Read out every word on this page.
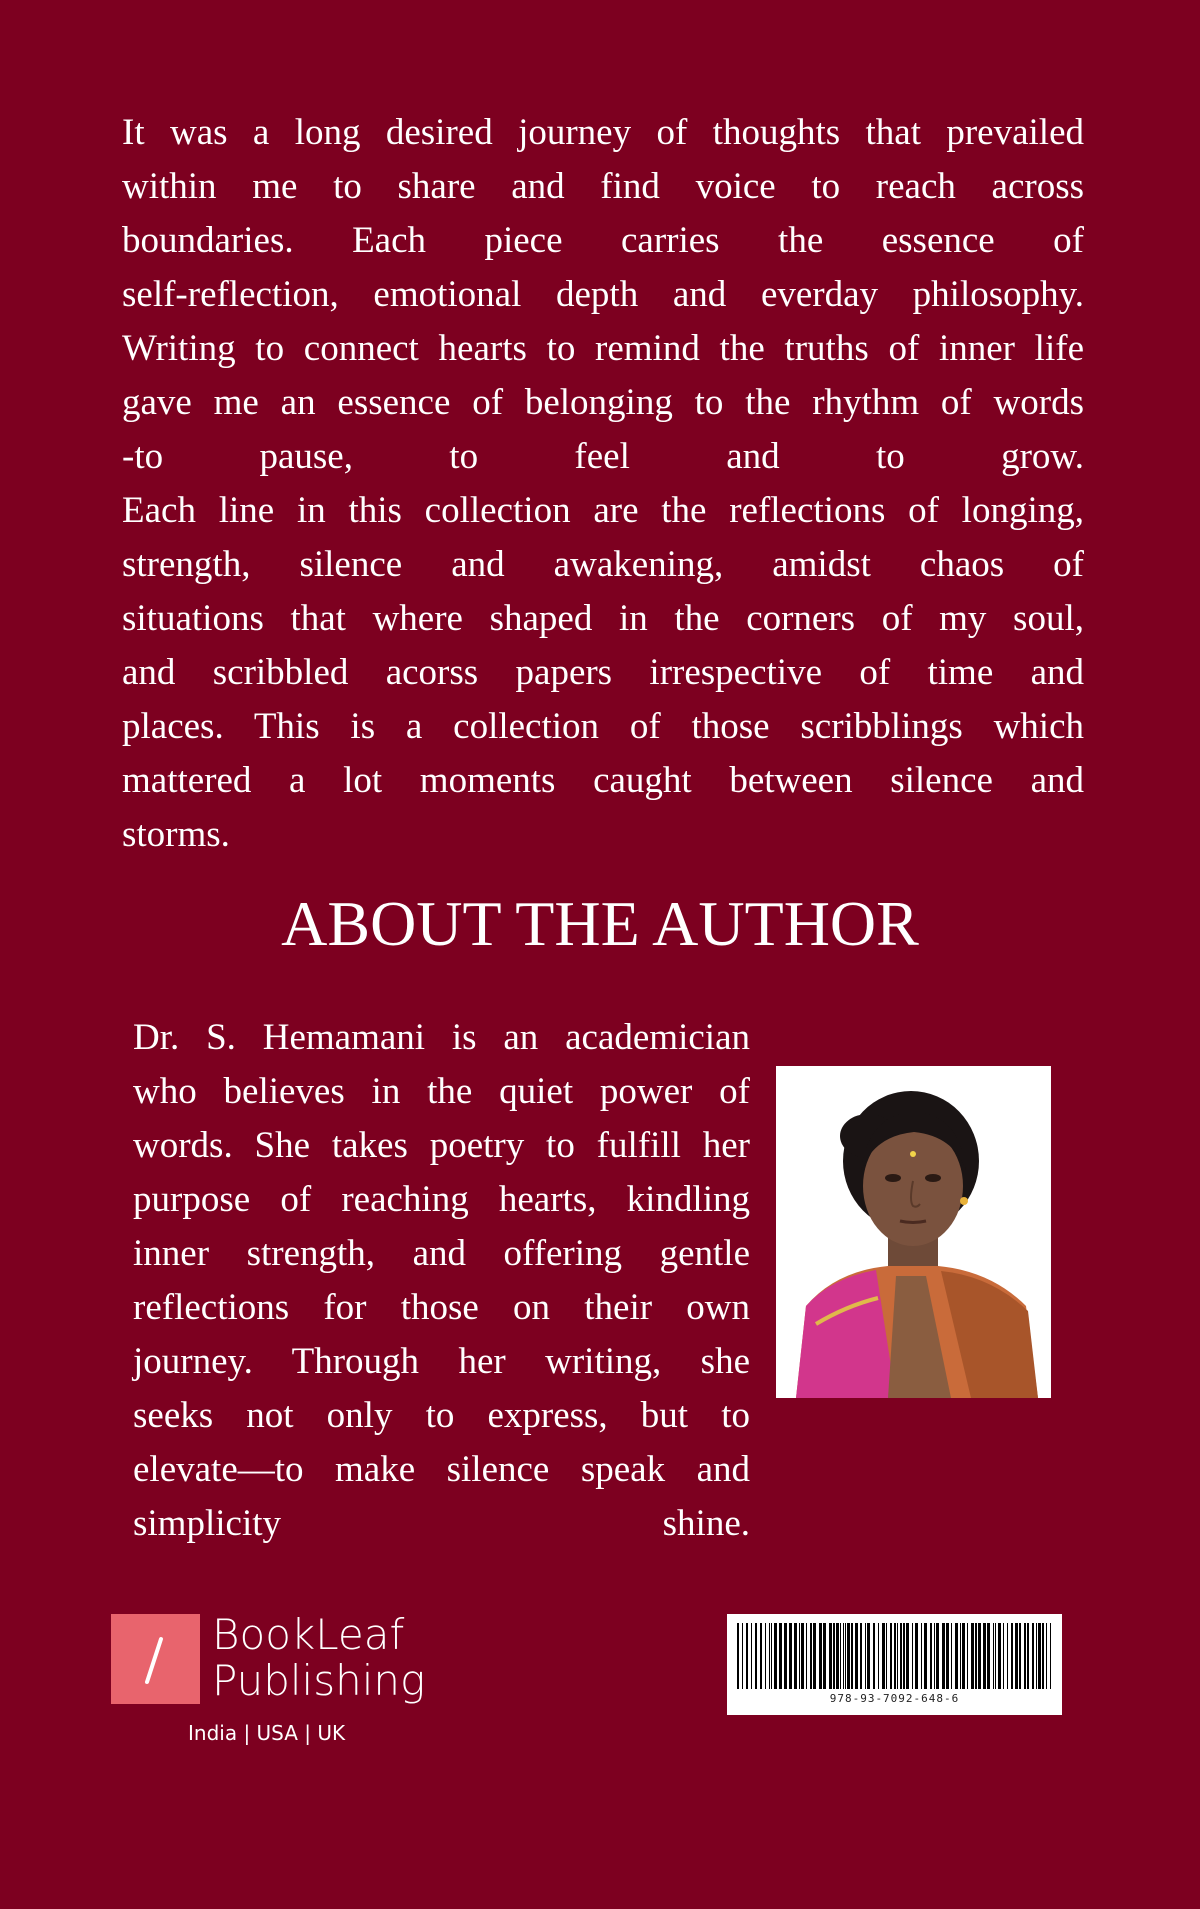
It was a long desired journey of thoughts that prevailed
within me to share and find voice to reach across
boundaries. Each piece carries the essence of
self-reflection, emotional depth and everday philosophy.
Writing to connect hearts to remind the truths of inner life
gave me an essence of belonging to the rhythm of words
-to pause, to feel and to grow.
Each line in this collection are the reflections of longing,
strength, silence and awakening, amidst chaos of
situations that where shaped in the corners of my soul,
and scribbled acorss papers irrespective of time and
places. This is a collection of those scribblings which
mattered a lot moments caught between silence and
storms.
ABOUT THE AUTHOR
Dr. S. Hemamani is an academician
who believes in the quiet power of
words. She takes poetry to fulfill her
purpose of reaching hearts, kindling
inner strength, and offering gentle
reflections for those on their own
journey. Through her writing, she
seeks not only to express, but to
elevate—to make silence speak and
simplicity shine.
BookLeaf
Publishing
India | USA | UK
978-93-7092-648-6
